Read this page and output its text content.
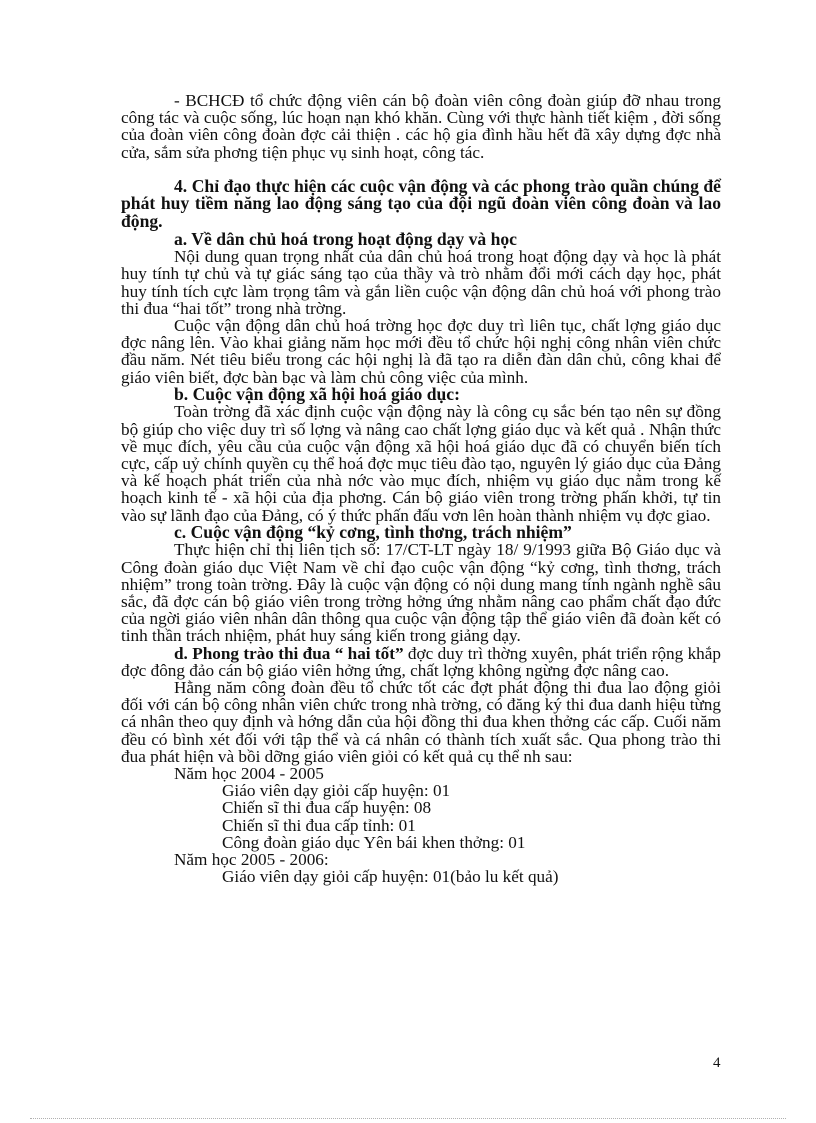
- BCHCĐ tổ chức động viên cán bộ đoàn viên công đoàn giúp đỡ nhau trong công tác và cuộc sống, lúc hoạn nạn khó khăn. Cùng với thực hành tiết kiệm , đời sống của đoàn viên công đoàn đợc cải thiện . các hộ gia đình hầu hết đã xây dựng đợc nhà cửa, sắm sửa phơng tiện phục vụ sinh hoạt, công tác.

4. Chỉ đạo thực hiện các cuộc vận động và các phong trào quần chúng để phát huy tiềm năng lao động sáng tạo của đội ngũ đoàn viên công đoàn và lao động.

a. Về dân chủ hoá trong hoạt động dạy và học

Nội dung quan trọng nhất của dân chủ hoá trong hoạt động dạy và học là phát huy tính tự chủ và tự giác sáng tạo của thầy và trò nhằm đổi mới cách dạy học, phát huy tính tích cực làm trọng tâm và gắn liền cuộc vận động dân chủ hoá với phong trào thi đua “hai tốt” trong nhà trờng.

Cuộc vận động dân chủ hoá trờng học đợc duy trì liên tục, chất lợng giáo dục đợc nâng lên. Vào khai giảng năm học mới đều tổ chức hội nghị công nhân viên chức đầu năm. Nét tiêu biểu trong các hội nghị là đã tạo ra diễn đàn dân chủ, công khai để giáo viên biết, đợc bàn bạc và làm chủ công việc của mình.

b. Cuộc vận động xã hội hoá giáo dục:

Toàn trờng đã xác định cuộc vận động này là công cụ sắc bén tạo nên sự đồng bộ giúp cho việc duy trì số lợng và nâng cao chất lợng giáo dục và kết quả . Nhận thức về mục đích, yêu cầu của cuộc vận động xã hội hoá giáo dục đã có chuyển biến tích cực, cấp uỷ chính quyền cụ thể hoá đợc mục tiêu đào tạo, nguyên lý giáo dục của Đảng và kế hoạch phát triển của nhà nớc vào mục đích, nhiệm vụ giáo dục nằm trong kế hoạch kinh tế - xã hội của địa phơng. Cán bộ giáo viên trong trờng phấn khởi, tự tin vào sự lãnh đạo của Đảng, có ý thức phấn đấu vơn lên hoàn thành nhiệm vụ đợc giao.

c. Cuộc vận động “kỷ cơng, tình thơng, trách nhiệm”

Thực hiện chỉ thị liên tịch số: 17/CT-LT ngày 18/ 9/1993 giữa Bộ Giáo dục và Công đoàn giáo dục Việt Nam về chỉ đạo cuộc vận động “kỷ cơng, tình thơng, trách nhiệm” trong toàn trờng. Đây là cuộc vận động có nội dung mang tính ngành nghề sâu sắc, đã đợc cán bộ giáo viên trong trờng hởng ứng nhằm nâng cao phẩm chất đạo đức của ngời giáo viên nhân dân thông qua cuộc vận động tập thể giáo viên đã đoàn kết có tinh thần trách nhiệm, phát huy sáng kiến trong giảng dạy.

d. Phong trào thi đua “ hai tốt” đợc duy trì thờng xuyên, phát triển rộng khắp đợc đông đảo cán bộ giáo viên hởng ứng, chất lợng không ngừng đợc nâng cao.

Hằng năm công đoàn đều tổ chức tốt các đợt phát động thi đua lao động giỏi đối với cán bộ công nhân viên chức trong nhà trờng, có đăng ký thi đua danh hiệu từng cá nhân theo quy định và hớng dẫn của hội đồng thi đua khen thởng các cấp. Cuối năm đều có bình xét đối với tập thể và cá nhân có thành tích xuất sắc. Qua phong trào thi đua phát hiện và bồi dỡng giáo viên giỏi có kết quả cụ thể nh sau:

Năm học 2004 - 2005

Giáo viên dạy giỏi cấp huyện: 01

Chiến sĩ thi đua cấp huyện: 08

Chiến sĩ thi đua cấp tỉnh: 01

Công đoàn giáo dục Yên bái khen thởng: 01

Năm học 2005 - 2006:

Giáo viên dạy giỏi cấp huyện: 01(bảo lu kết quả)

4
